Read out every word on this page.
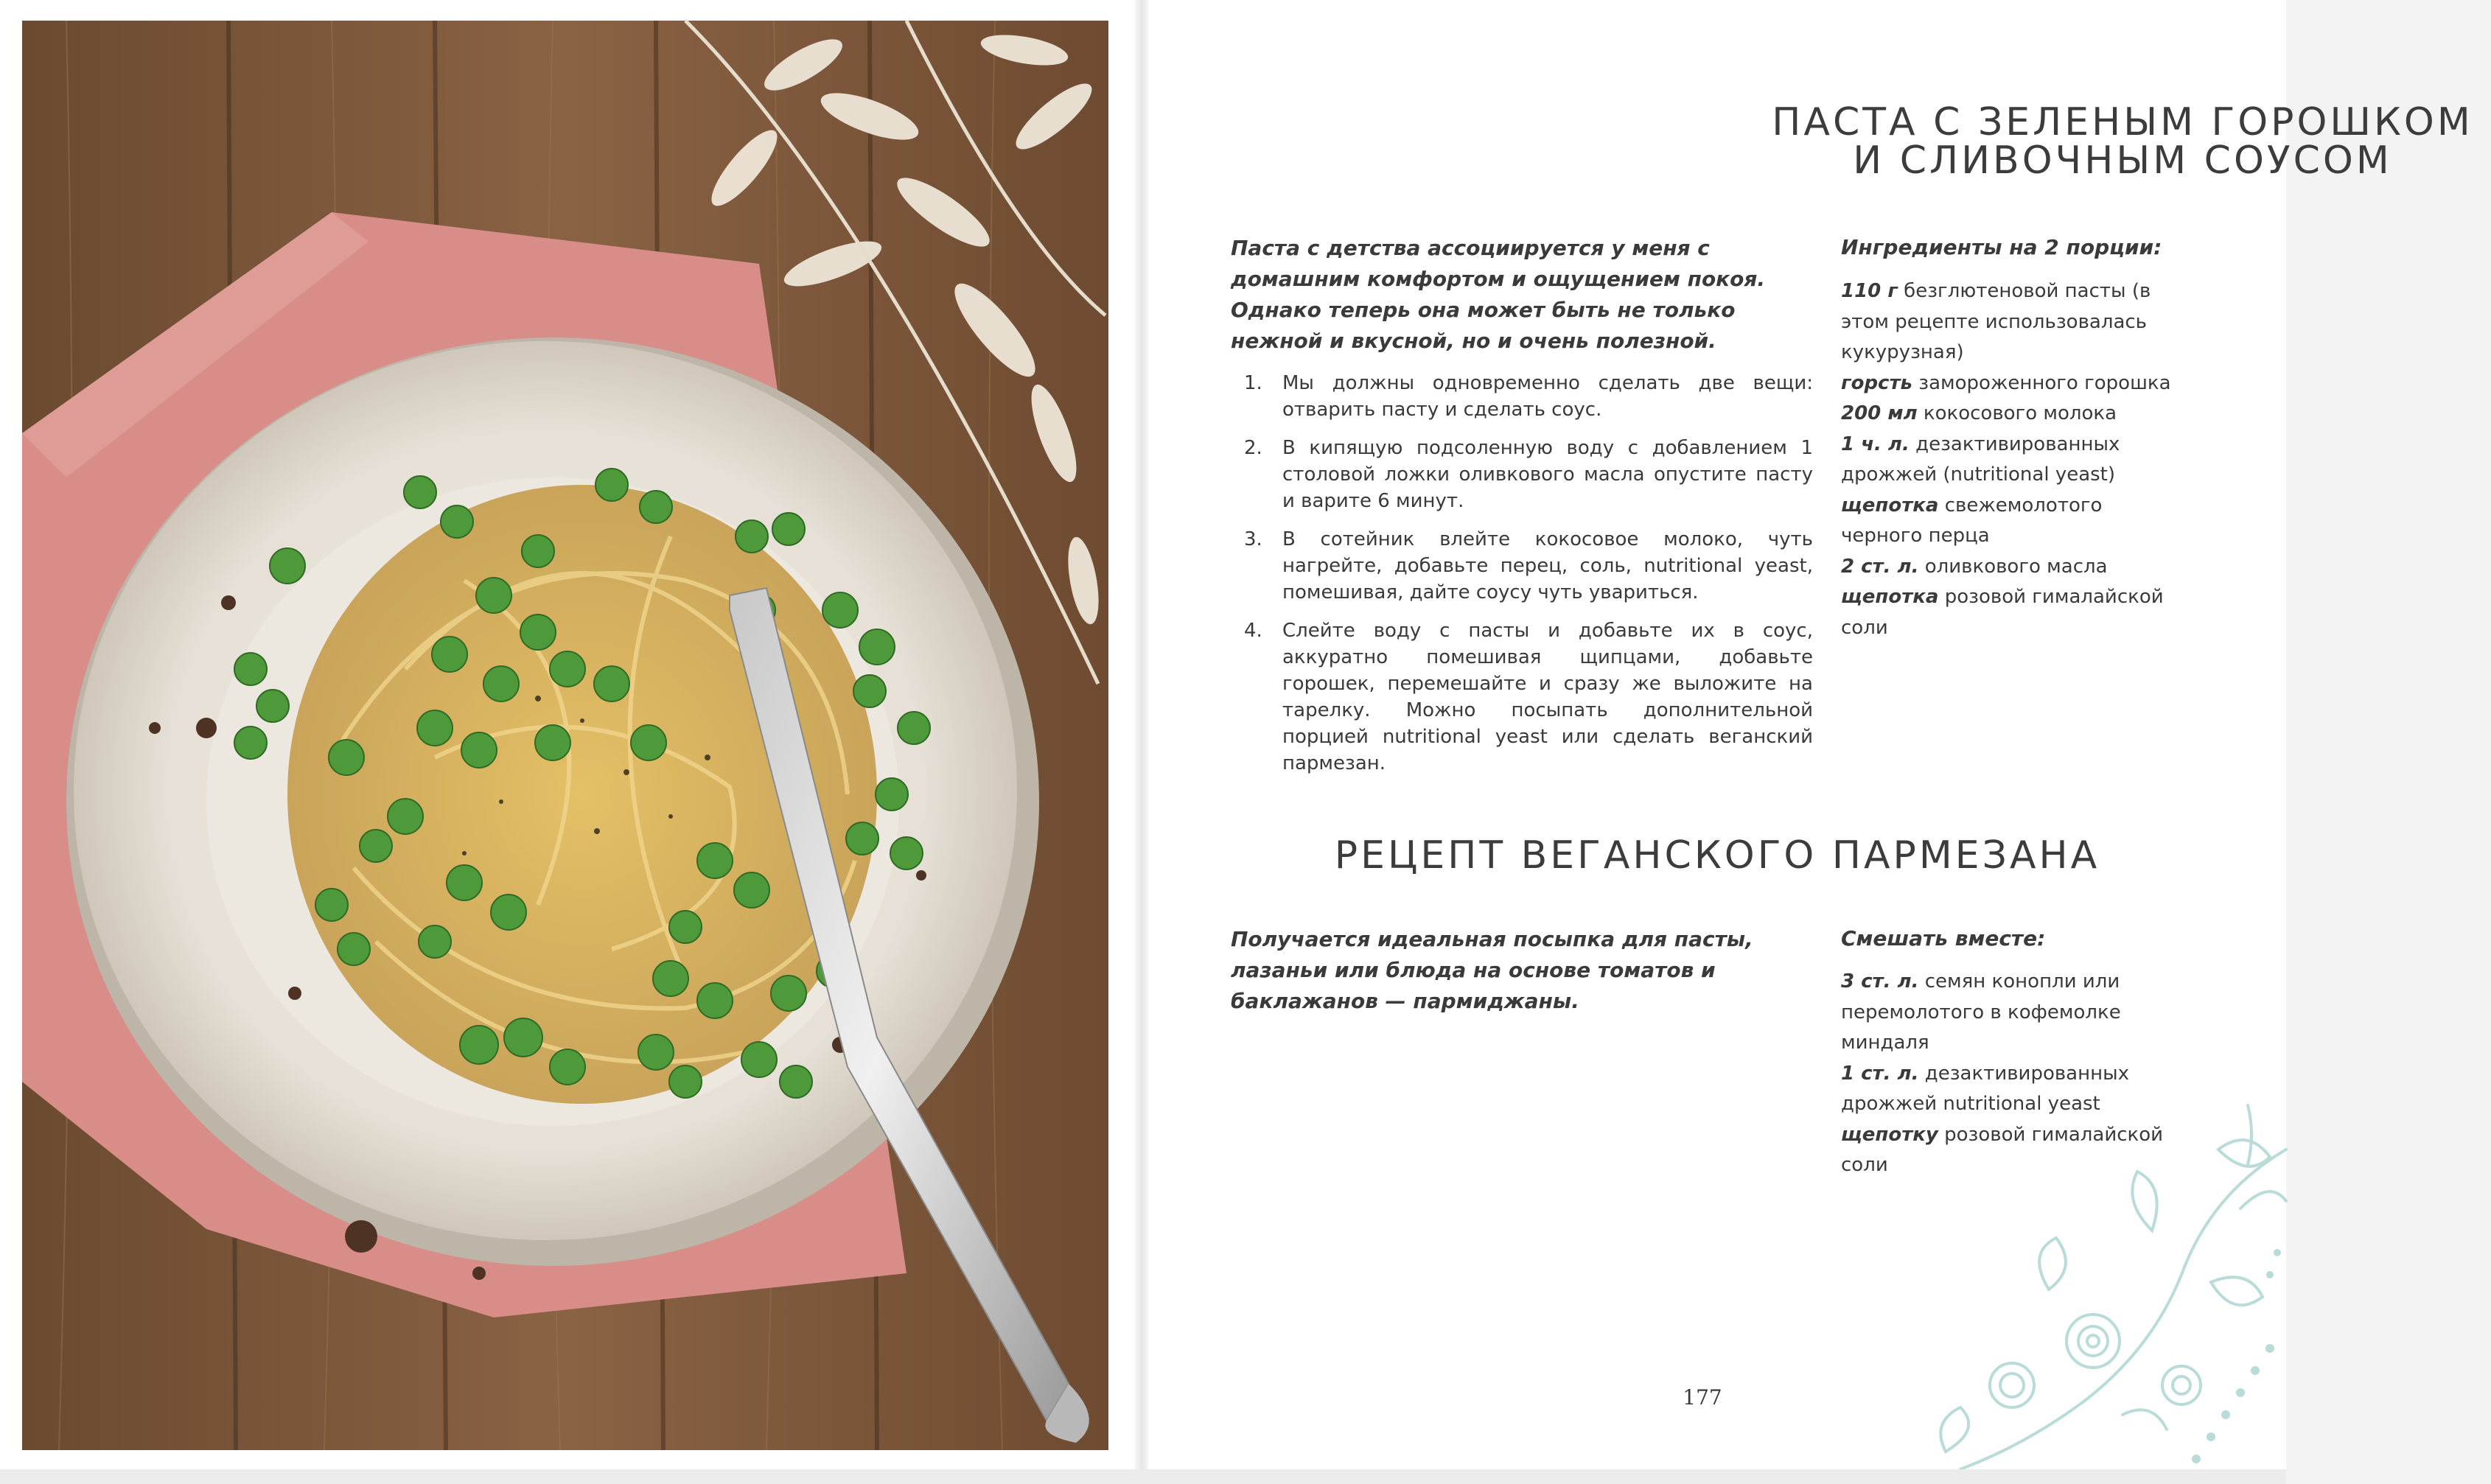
ПАСТА С ЗЕЛЕНЫМ ГОРОШКОМ
И СЛИВОЧНЫМ СОУСОМ

Паста с детства ассоциируется у меня с домашним комфортом и ощущением покоя. Однако теперь она может быть не только нежной и вкусной, но и очень полезной.

1. Мы должны одновременно сделать две вещи: отварить пасту и сделать соус.
2. В кипящую подсоленную воду с добавлением 1 столовой ложки оливкового масла опустите пасту и варите 6 минут.
3. В сотейник влейте кокосовое молоко, чуть нагрейте, добавьте перец, соль, nutritional yeast, помешивая, дайте соусу чуть увариться.
4. Слейте воду с пасты и добавьте их в соус, аккуратно помешивая щипцами, добавьте горошек, перемешайте и сразу же выложите на тарелку. Можно посыпать дополнительной порцией nutritional yeast или сделать веганский пармезан.

Ингредиенты на 2 порции:

110 г безглютеновой пасты (в этом рецепте использовалась кукурузная)
горсть замороженного горошка
200 мл кокосового молока
1 ч. л. дезактивированных дрожжей (nutritional yeast)
щепотка свежемолотого черного перца
2 ст. л. оливкового масла
щепотка розовой гималайской соли
РЕЦЕПТ ВЕГАНСКОГО ПАРМЕЗАНА

Получается идеальная посыпка для пасты, лазаньи или блюда на основе томатов и баклажанов — пармиджаны.

Смешать вместе:

3 ст. л. семян конопли или перемолотого в кофемолке миндаля
1 ст. л. дезактивированных дрожжей nutritional yeast
щепотку розовой гималайской соли
177
